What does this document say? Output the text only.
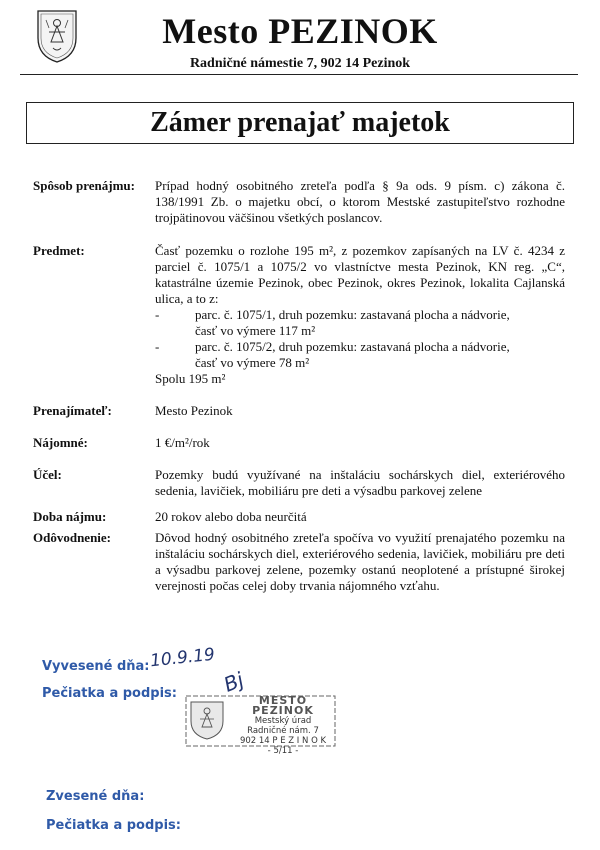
Mesto PEZINOK
Radničné námestie 7, 902 14 Pezinok
Zámer prenajať majetok
Spôsob prenájmu:	Prípad hodný osobitného zreteľa podľa § 9a ods. 9 písm. c) zákona č. 138/1991 Zb. o majetku obcí, o ktorom Mestské zastupiteľstvo rozhodne trojpätinovou väčšinou všetkých poslancov.
Predmet:	Časť pozemku o rozlohe 195 m², z pozemkov zapísaných na LV č. 4234 z parciel č. 1075/1 a 1075/2 vo vlastníctve mesta Pezinok, KN reg. „C“, katastrálne územie Pezinok, obec Pezinok, okres Pezinok, lokalita Cajlanská ulica, a to z:

-	parc. č. 1075/1, druh pozemku: zastavaná plocha a nádvorie,
časť vo výmere 117 m²
-	parc. č. 1075/2, druh pozemku: zastavaná plocha a nádvorie,
časť vo výmere 78 m²

Spolu 195 m²

Prenajímateľ:	Mesto Pezinok
Nájomné:	1 €/m²/rok
Účel:	Pozemky budú využívané na inštaláciu sochárskych diel, exteriérového sedenia, lavičiek, mobiliáru pre deti a výsadbu parkovej zelene
Doba nájmu:	20 rokov alebo doba neurčitá
Odôvodnenie:	Dôvod hodný osobitného zreteľa spočíva vo využití prenajatého pozemku na inštaláciu sochárskych diel, exteriérového sedenia, lavičiek, mobiliáru pre deti a výsadbu parkovej zelene, pozemky ostanú neoplotené a prístupné širokej verejnosti počas celej doby trvania nájomného vzťahu.
Vyvesené dňa: 10.9.19
Pečiatka a podpis: Bj
MESTO PEZINOK
Mestský úrad
Radničné nám. 7
902 14 P E Z I N O K
- 5/11 -
Zvesené dňa:
Pečiatka a podpis:
